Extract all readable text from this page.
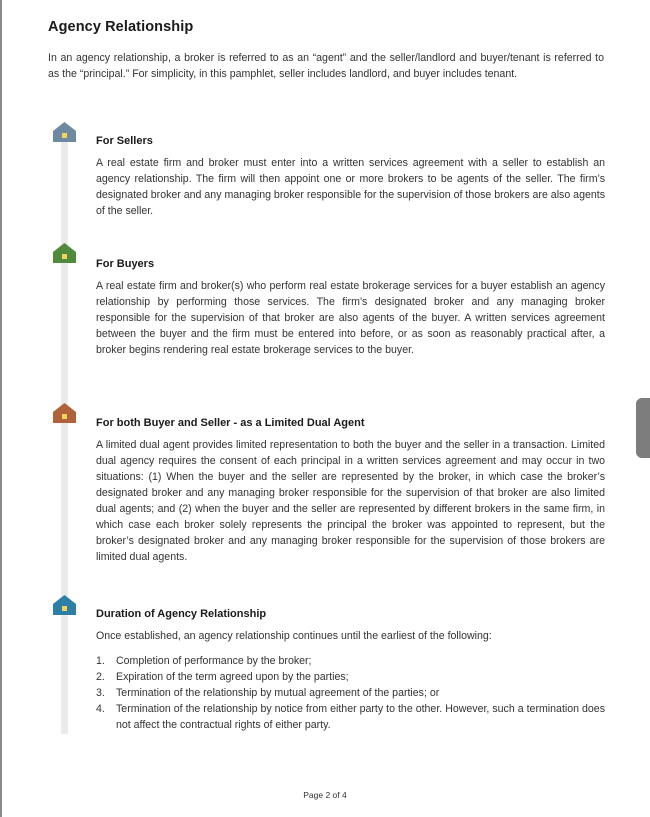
Agency Relationship

In an agency relationship, a broker is referred to as an “agent” and the seller/landlord and buyer/tenant is referred to as the “principal.” For simplicity, in this pamphlet, seller includes landlord, and buyer includes tenant.

For Sellers

A real estate firm and broker must enter into a written services agreement with a seller to establish an agency relationship. The firm will then appoint one or more brokers to be agents of the seller. The firm’s designated broker and any managing broker responsible for the supervision of those brokers are also agents of the seller.

For Buyers

A real estate firm and broker(s) who perform real estate brokerage services for a buyer establish an agency relationship by performing those services. The firm’s designated broker and any managing broker responsible for the supervision of that broker are also agents of the buyer. A written services agreement between the buyer and the firm must be entered into before, or as soon as reasonably practical after, a broker begins rendering real estate brokerage services to the buyer.

For both Buyer and Seller - as a Limited Dual Agent

A limited dual agent provides limited representation to both the buyer and the seller in a transaction. Limited dual agency requires the consent of each principal in a written services agreement and may occur in two situations: (1) When the buyer and the seller are represented by the broker, in which case the broker’s designated broker and any managing broker responsible for the supervision of that broker are also limited dual agents; and (2) when the buyer and the seller are represented by different brokers in the same firm, in which case each broker solely represents the principal the broker was appointed to represent, but the broker’s designated broker and any managing broker responsible for the supervision of those brokers are limited dual agents.

Duration of Agency Relationship

Once established, an agency relationship continues until the earliest of the following:

1.	Completion of performance by the broker;
2.	Expiration of the term agreed upon by the parties;
3.	Termination of the relationship by mutual agreement of the parties; or
4.	Termination of the relationship by notice from either party to the other. However, such a termination does not affect the contractual rights of either party.
Page 2 of 4
